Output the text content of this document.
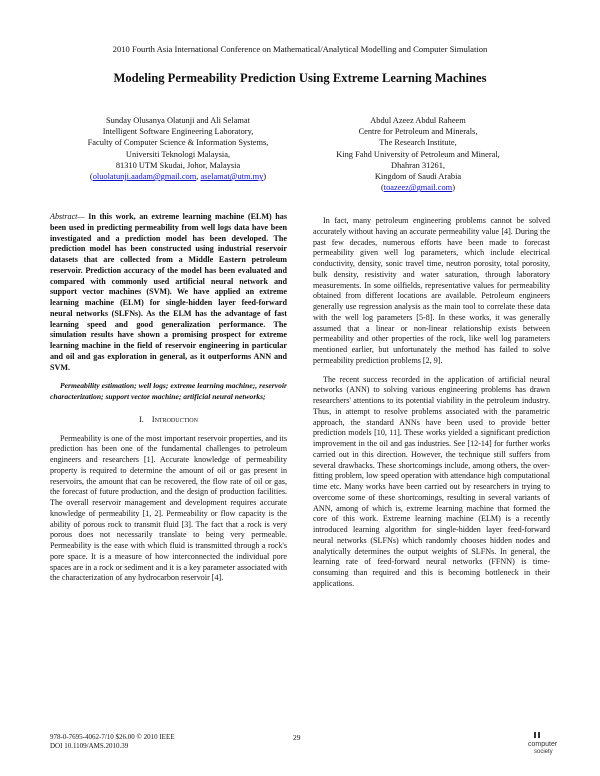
2010 Fourth Asia International Conference on Mathematical/Analytical Modelling and Computer Simulation
Modeling Permeability Prediction Using Extreme Learning Machines
Sunday Olusanya Olatunji and Ali Selamat
Intelligent Software Engineering Laboratory,
Faculty of Computer Science & Information Systems,
Universiti Teknologi Malaysia,
81310 UTM Skudai, Johor, Malaysia
(oluolatunji.aadam@gmail.com, aselamat@utm.my)
Abdul Azeez Abdul Raheem
Centre for Petroleum and Minerals,
The Research Institute,
King Fahd University of Petroleum and Mineral,
Dhahran 31261,
Kingdom of Saudi Arabia
(toazeez@gmail.com)

Abstract— In this work, an extreme learning machine (ELM) has been used in predicting permeability from well logs data have been investigated and a prediction model has been developed. The prediction model has been constructed using industrial reservoir datasets that are collected from a Middle Eastern petroleum reservoir. Prediction accuracy of the model has been evaluated and compared with commonly used artificial neural network and support vector machines (SVM). We have applied an extreme learning machine (ELM) for single-hidden layer feed-forward neural networks (SLFNs). As the ELM has the advantage of fast learning speed and good generalization performance. The simulation results have shown a promising prospect for extreme learning machine in the field of reservoir engineering in particular and oil and gas exploration in general, as it outperforms ANN and SVM.

Permeability estimation; well logs; extreme learning machine;, reservoir characterization; support vector machine; artificial neural networks;

I. Introduction

Permeability is one of the most important reservoir properties, and its prediction has been one of the fundamental challenges to petroleum engineers and researchers [1]. Accurate knowledge of permeability property is required to determine the amount of oil or gas present in reservoirs, the amount that can be recovered, the flow rate of oil or gas, the forecast of future production, and the design of production facilities. The overall reservoir management and development requires accurate knowledge of permeability [1, 2]. Permeability or flow capacity is the ability of porous rock to transmit fluid [3]. The fact that a rock is very porous does not necessarily translate to being very permeable. Permeability is the ease with which fluid is transmitted through a rock's pore space. It is a measure of how interconnected the individual pore spaces are in a rock or sediment and it is a key parameter associated with the characterization of any hydrocarbon reservoir [4].

In fact, many petroleum engineering problems cannot be solved accurately without having an accurate permeability value [4]. During the past few decades, numerous efforts have been made to forecast permeability given well log parameters, which include electrical conductivity, density, sonic travel time, neutron porosity, total porosity, bulk density, resistivity and water saturation, through laboratory measurements. In some oilfields, representative values for permeability obtained from different locations are available. Petroleum engineers generally use regression analysis as the main tool to correlate these data with the well log parameters [5-8]. In these works, it was generally assumed that a linear or non-linear relationship exists between permeability and other properties of the rock, like well log parameters mentioned earlier, but unfortunately the method has failed to solve permeability prediction problems [2, 9].

The recent success recorded in the application of artificial neural networks (ANN) to solving various engineering problems has drawn researchers' attentions to its potential viability in the petroleum industry. Thus, in attempt to resolve problems associated with the parametric approach, the standard ANNs have been used to provide better prediction models [10, 11]. These works yielded a significant prediction improvement in the oil and gas industries. See [12-14] for further works carried out in this direction. However, the technique still suffers from several drawbacks. These shortcomings include, among others, the over-fitting problem, low speed operation with attendance high computational time etc. Many works have been carried out by researchers in trying to overcome some of these shortcomings, resulting in several variants of ANN, among of which is, extreme learning machine that formed the core of this work. Extreme learning machine (ELM) is a recently introduced learning algorithm for single-hidden layer feed-forward neural networks (SLFNs) which randomly chooses hidden nodes and analytically determines the output weights of SLFNs. In general, the learning rate of feed-forward neural networks (FFNN) is time-consuming than required and this is becoming bottleneck in their applications.

978-0-7695-4062-7/10 $26.00 © 2010 IEEE
DOI 10.1109/AMS.2010.39
29
computer
society
